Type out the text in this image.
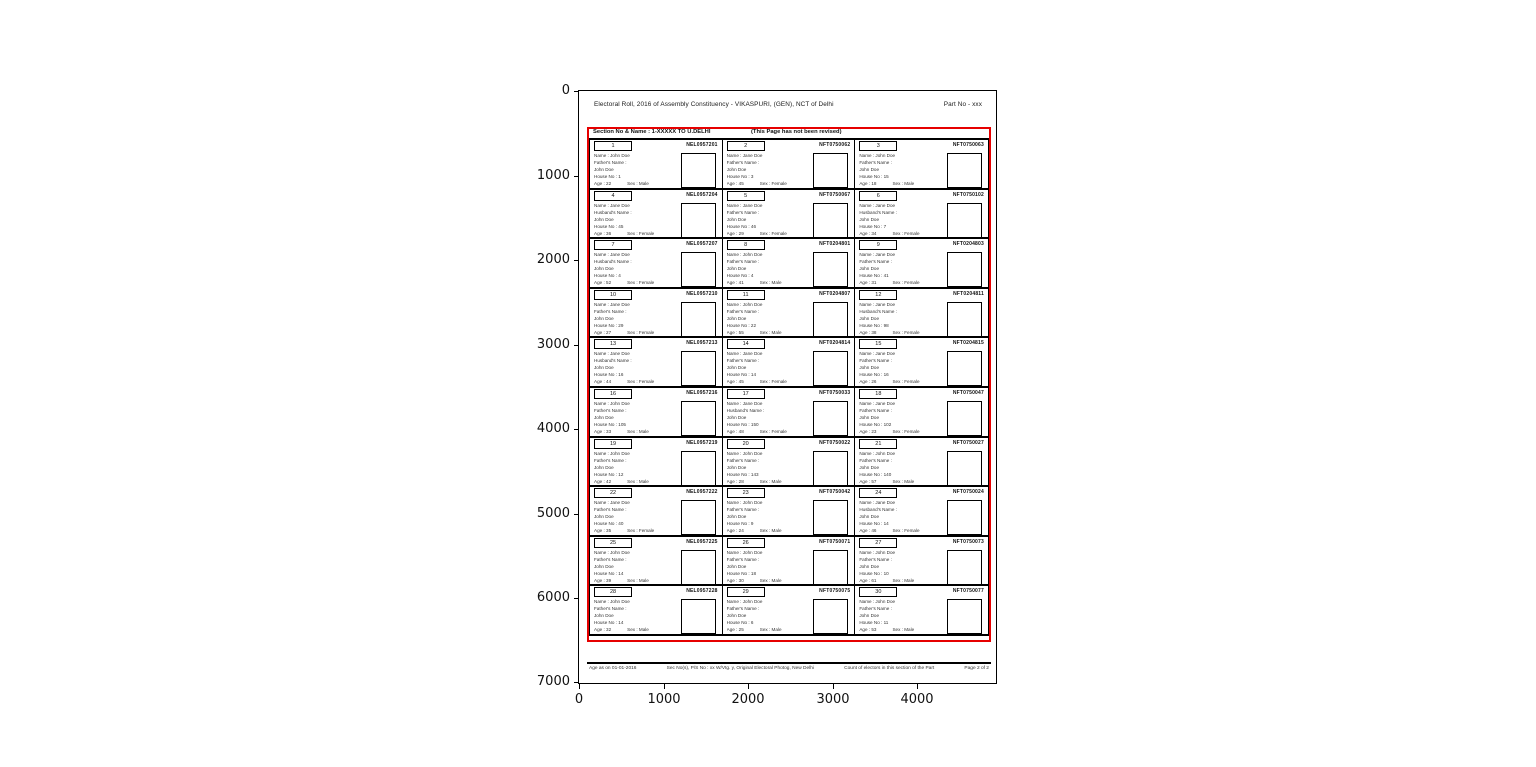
0
1000
2000
3000
4000
5000
6000
7000
0	1000	2000	3000	4000
Electoral Roll, 2016 of Assembly Constituency - VIKASPURI, (GEN), NCT of Delhi	Part No - xxx
Section No & Name : 1-XXXXX TO U.DELHI	(This Page has not been revised)
1	NEL0957201
Name : John Doe
Father's Name :
John Doe
House No : 1
Age : 22	Sex : Male
2	NFT0750062
Name : Jane Doe
Father's Name :
John Doe
House No : 3
Age : 45	Sex : Female
3	NFT0750063
Name : John Doe
Father's Name :
John Doe
House No : 15
Age : 18	Sex : Male
4	NEL0957204
Name : Jane Doe
Husband's Name :
John Doe
House No : 45
Age : 36	Sex : Female
5	NFT0750067
Name : Jane Doe
Father's Name :
John Doe
House No : 46
Age : 29	Sex : Female
6	NFT0750102
Name : Jane Doe
Husband's Name :
John Doe
House No : 7
Age : 34	Sex : Female
7	NEL0957207
Name : Jane Doe
Husband's Name :
John Doe
House No : 4
Age : 52	Sex : Female
8	NFT0204801
Name : John Doe
Father's Name :
John Doe
House No : 4
Age : 41	Sex : Male
9	NFT0204803
Name : Jane Doe
Father's Name :
John Doe
House No : 41
Age : 31	Sex : Female
10	NEL0957210
Name : Jane Doe
Father's Name :
John Doe
House No : 29
Age : 27	Sex : Female
11	NFT0204807
Name : John Doe
Father's Name :
John Doe
House No : 22
Age : 55	Sex : Male
12	NFT0204811
Name : Jane Doe
Husband's Name :
John Doe
House No : 98
Age : 38	Sex : Female
13	NEL0957213
Name : Jane Doe
Husband's Name :
John Doe
House No : 16
Age : 44	Sex : Female
14	NFT0204814
Name : Jane Doe
Father's Name :
John Doe
House No : 14
Age : 45	Sex : Female
15	NFT0204815
Name : Jane Doe
Father's Name :
John Doe
House No : 16
Age : 26	Sex : Female
16	NEL0957216
Name : John Doe
Father's Name :
John Doe
House No : 105
Age : 33	Sex : Male
17	NFT0750033
Name : Jane Doe
Husband's Name :
John Doe
House No : 150
Age : 48	Sex : Female
18	NFT0750047
Name : Jane Doe
Father's Name :
John Doe
House No : 102
Age : 23	Sex : Female
19	NEL0957219
Name : John Doe
Father's Name :
John Doe
House No : 12
Age : 42	Sex : Male
20	NFT0750022
Name : John Doe
Father's Name :
John Doe
House No : 143
Age : 28	Sex : Male
21	NFT0750027
Name : John Doe
Father's Name :
John Doe
House No : 140
Age : 57	Sex : Male
22	NEL0957222
Name : Jane Doe
Father's Name :
John Doe
House No : 40
Age : 35	Sex : Female
23	NFT0750042
Name : John Doe
Father's Name :
John Doe
House No : 9
Age : 24	Sex : Male
24	NFT0750024
Name : Jane Doe
Husband's Name :
John Doe
House No : 14
Age : 46	Sex : Female
25	NEL0957225
Name : John Doe
Father's Name :
John Doe
House No : 14
Age : 39	Sex : Male
26	NFT0750071
Name : John Doe
Father's Name :
John Doe
House No : 18
Age : 30	Sex : Male
27	NFT0750073
Name : John Doe
Father's Name :
John Doe
House No : 10
Age : 61	Sex : Male
28	NEL0957228
Name : John Doe
Father's Name :
John Doe
House No : 14
Age : 32	Sex : Male
29	NFT0750075
Name : John Doe
Father's Name :
John Doe
House No : 6
Age : 25	Sex : Male
30	NFT0750077
Name : John Doe
Father's Name :
John Doe
House No : 11
Age : 53	Sex : Male
Age as on 01-01-2016	Sec No(s), P/S No : xx W/Vtg. y, Original Electoral Photog, New Delhi	Count of electors in this section of the Part	Page 2 of 2
